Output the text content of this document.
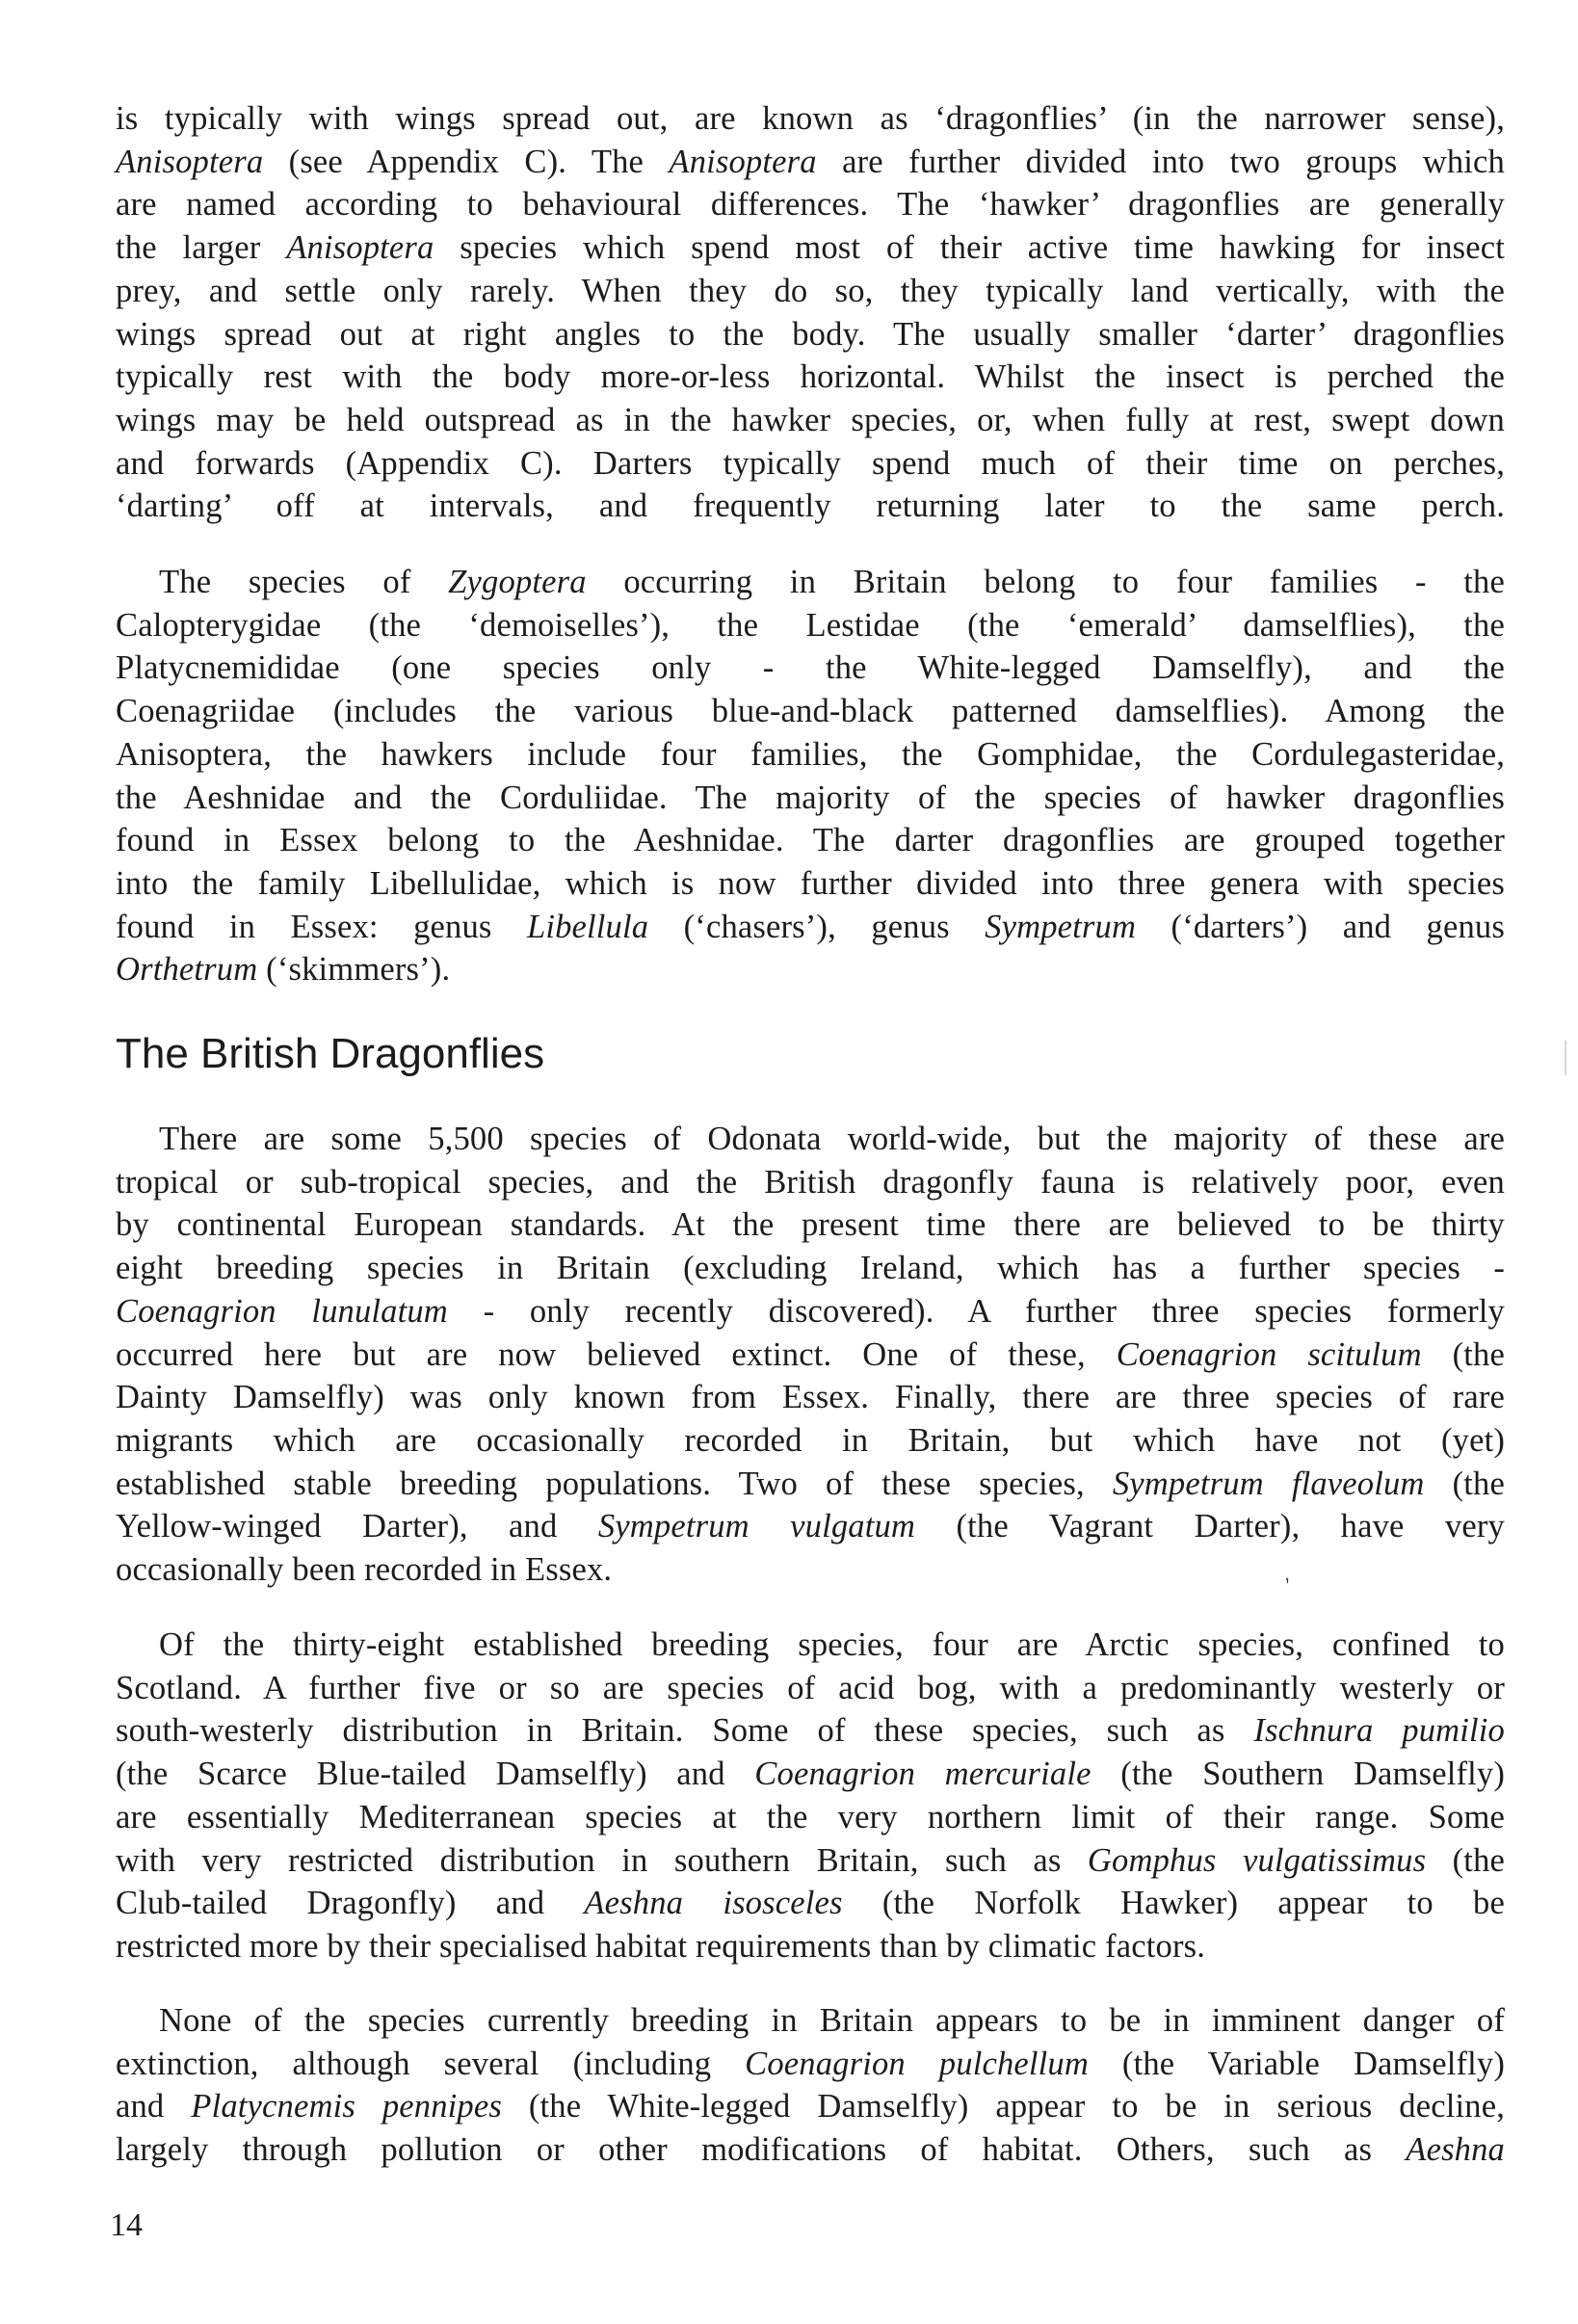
is typically with wings spread out, are known as ‘dragonflies’ (in the narrower sense),
Anisoptera (see Appendix C). The Anisoptera are further divided into two groups which
are named according to behavioural differences. The ‘hawker’ dragonflies are generally
the larger Anisoptera species which spend most of their active time hawking for insect
prey, and settle only rarely. When they do so, they typically land vertically, with the
wings spread out at right angles to the body. The usually smaller ‘darter’ dragonflies
typically rest with the body more-or-less horizontal. Whilst the insect is perched the
wings may be held outspread as in the hawker species, or, when fully at rest, swept down
and forwards (Appendix C). Darters typically spend much of their time on perches,
‘darting’ off at intervals, and frequently returning later to the same perch.

The species of Zygoptera occurring in Britain belong to four families - the
Calopterygidae (the ‘demoiselles’), the Lestidae (the ‘emerald’ damselflies), the
Platycnemididae (one species only - the White-legged Damselfly), and the
Coenagriidae (includes the various blue-and-black patterned damselflies). Among the
Anisoptera, the hawkers include four families, the Gomphidae, the Cordulegasteridae,
the Aeshnidae and the Corduliidae. The majority of the species of hawker dragonflies
found in Essex belong to the Aeshnidae. The darter dragonflies are grouped together
into the family Libellulidae, which is now further divided into three genera with species
found in Essex: genus Libellula (‘chasers’), genus Sympetrum (‘darters’) and genus
Orthetrum (‘skimmers’).

The British Dragonflies

There are some 5,500 species of Odonata world-wide, but the majority of these are
tropical or sub-tropical species, and the British dragonfly fauna is relatively poor, even
by continental European standards. At the present time there are believed to be thirty
eight breeding species in Britain (excluding Ireland, which has a further species -
Coenagrion lunulatum - only recently discovered). A further three species formerly
occurred here but are now believed extinct. One of these, Coenagrion scitulum (the
Dainty Damselfly) was only known from Essex. Finally, there are three species of rare
migrants which are occasionally recorded in Britain, but which have not (yet)
established stable breeding populations. Two of these species, Sympetrum flaveolum (the
Yellow-winged Darter), and Sympetrum vulgatum (the Vagrant Darter), have very
occasionally been recorded in Essex.

Of the thirty-eight established breeding species, four are Arctic species, confined to
Scotland. A further five or so are species of acid bog, with a predominantly westerly or
south-westerly distribution in Britain. Some of these species, such as Ischnura pumilio
(the Scarce Blue-tailed Damselfly) and Coenagrion mercuriale (the Southern Damselfly)
are essentially Mediterranean species at the very northern limit of their range. Some
with very restricted distribution in southern Britain, such as Gomphus vulgatissimus (the
Club-tailed Dragonfly) and Aeshna isosceles (the Norfolk Hawker) appear to be
restricted more by their specialised habitat requirements than by climatic factors.

None of the species currently breeding in Britain appears to be in imminent danger of
extinction, although several (including Coenagrion pulchellum (the Variable Damselfly)
and Platycnemis pennipes (the White-legged Damselfly) appear to be in serious decline,
largely through pollution or other modifications of habitat. Others, such as Aeshna

14
′
